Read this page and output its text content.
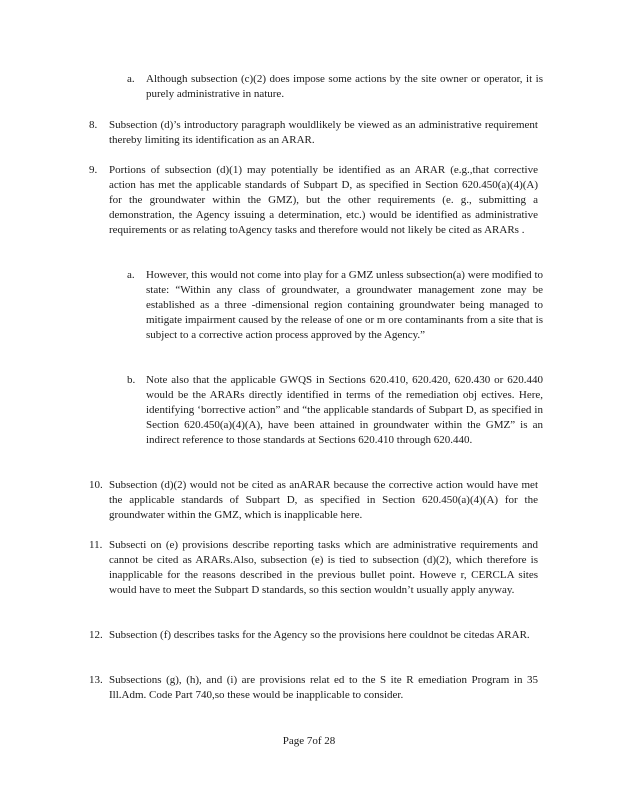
a. Although subsection (c)(2) does impose some actions by the site owner or operator, it is purely administrative in nature.
8. Subsection (d)’s introductory paragraph wouldlikely be viewed as an administrative requirement thereby limiting its identification as an ARAR.
9. Portions of subsection (d)(1) may potentially be identified as an ARAR (e.g.,that corrective action has met the applicable standards of Subpart D, as specified in Section 620.450(a)(4)(A) for the groundwater within the GMZ), but the other requirements (e. g., submitting a demonstration, the Agency issuing a determination, etc.) would be identified as administrative requirements or as relating toAgency tasks and therefore would not likely be cited as ARARs .
a. However, this would not come into play for a GMZ unless subsection(a) were modified to state: “Within any class of groundwater, a groundwater management zone may be established as a three -dimensional region containing groundwater being managed to mitigate impairment caused by the release of one or m ore contaminants from a site that is subject to a corrective action process approved by the Agency.”
b. Note also that the applicable GWQS in Sections 620.410, 620.420, 620.430 or 620.440 would be the ARARs directly identified in terms of the remediation obj ectives. Here, identifying ‘borrective action” and “the applicable standards of Subpart D, as specified in Section 620.450(a)(4)(A), have been attained in groundwater within the GMZ” is an indirect reference to those standards at Sections 620.410 through 620.440.
10. Subsection (d)(2) would not be cited as anARAR because the corrective action would have met the applicable standards of Subpart D, as specified in Section 620.450(a)(4)(A) for the groundwater within the GMZ, which is inapplicable here.
11. Subsecti on (e) provisions describe reporting tasks which are administrative requirements and cannot be cited as ARARs.Also, subsection (e) is tied to subsection (d)(2), which therefore is inapplicable for the reasons described in the previous bullet point. Howeve r, CERCLA sites would have to meet the Subpart D standards, so this section wouldn’t usually apply anyway.
12. Subsection (f) describes tasks for the Agency so the provisions here couldnot be citedas ARAR.
13. Subsections (g), (h), and (i) are provisions relat ed to the S ite R emediation Program in 35 Ill.Adm. Code Part 740,so these would be inapplicable to consider.
Page 7of 28
